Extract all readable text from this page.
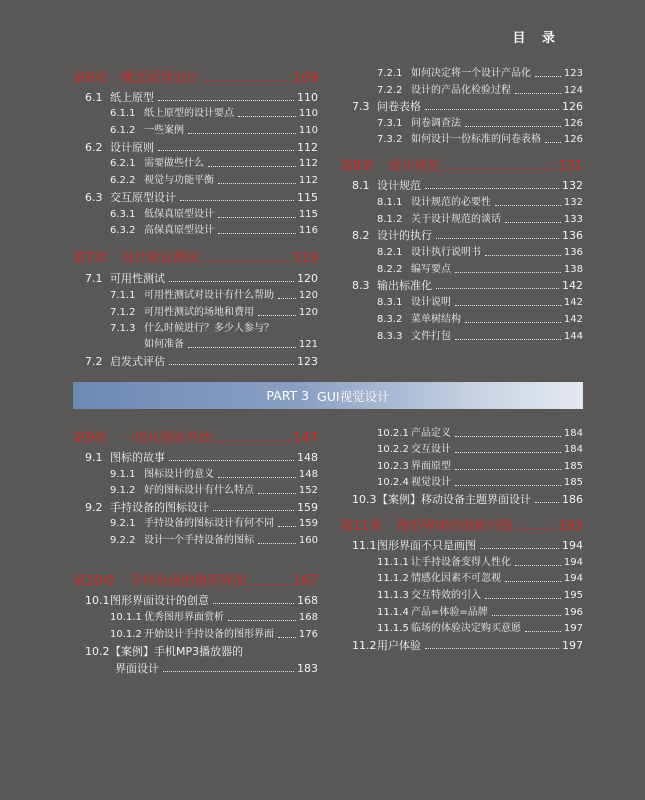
目 录
第6章 概念原型设计	109
6.1 纸上原型	110
6.1.1 纸上原型的设计要点	110
6.1.2 一些案例	110
6.2 设计原则	112
6.2.1 需要做些什么	112
6.2.2 视觉与功能平衡	112
6.3 交互原型设计	115
6.3.1 低保真原型设计	115
6.3.2 高保真原型设计	116
第7章 设计验证测试	119
7.1 可用性测试	120
7.1.1 可用性测试对设计有什么帮助 120
7.1.2 可用性测试的场地和费用	120
7.1.3 什么时候进行？多少人参与？
如何准备	121
7.2 启发式评估	123
7.2.1 如何决定将一个设计产品化	123
7.2.2 设计的产品化检验过程	124
7.3 问卷表格	126
7.3.1 问卷调查法	126
7.3.2 如何设计一份标准的问卷表格 126
第8章 设计规范	131
8.1 设计规范	132
8.1.1 设计规范的必要性	132
8.1.2 关于设计规范的谈话	133
8.2 设计的执行	136
8.2.1 设计执行说明书	136
8.2.2 编写要点	138
8.3 输出标准化	142
8.3.1 设计说明	142
8.3.2 菜单树结构	142
8.3.3 文件打包	144
PART 3 GUI视觉设计
第9章 一切从图标开始	147
9.1 图标的故事	148
9.1.1 图标设计的意义	148
9.1.2 好的图标设计有什么特点	152
9.2 手持设备的图标设计	159
9.2.1 手持设备的图标设计有何不同 159
9.2.2 设计一个手持设备的图标	160
第10章 手持设备的图形界面	167
10.1 图形界面设计的创意	168
10.1.1 优秀图形界面赏析	168
10.1.2 开始设计手持设备的图形界面 176
10.2 【案例】手机MP3播放器的
界面设计	183
10.2.1 产品定义	184
10.2.2 交互设计	184
10.2.3 界面原型	185
10.2.4 视觉设计	185
10.3 【案例】移动设备主题界面设计	186
第11章 图形界面的创新升级	193
11.1 图形界面不只是画图	194
11.1.1 让手持设备变得人性化	194
11.1.2 情感化因素不可忽视	194
11.1.3 交互特效的引入	195
11.1.4 产品=体验=品牌	196
11.1.5 临场的体验决定购买意愿	197
11.2 用户体验	197
